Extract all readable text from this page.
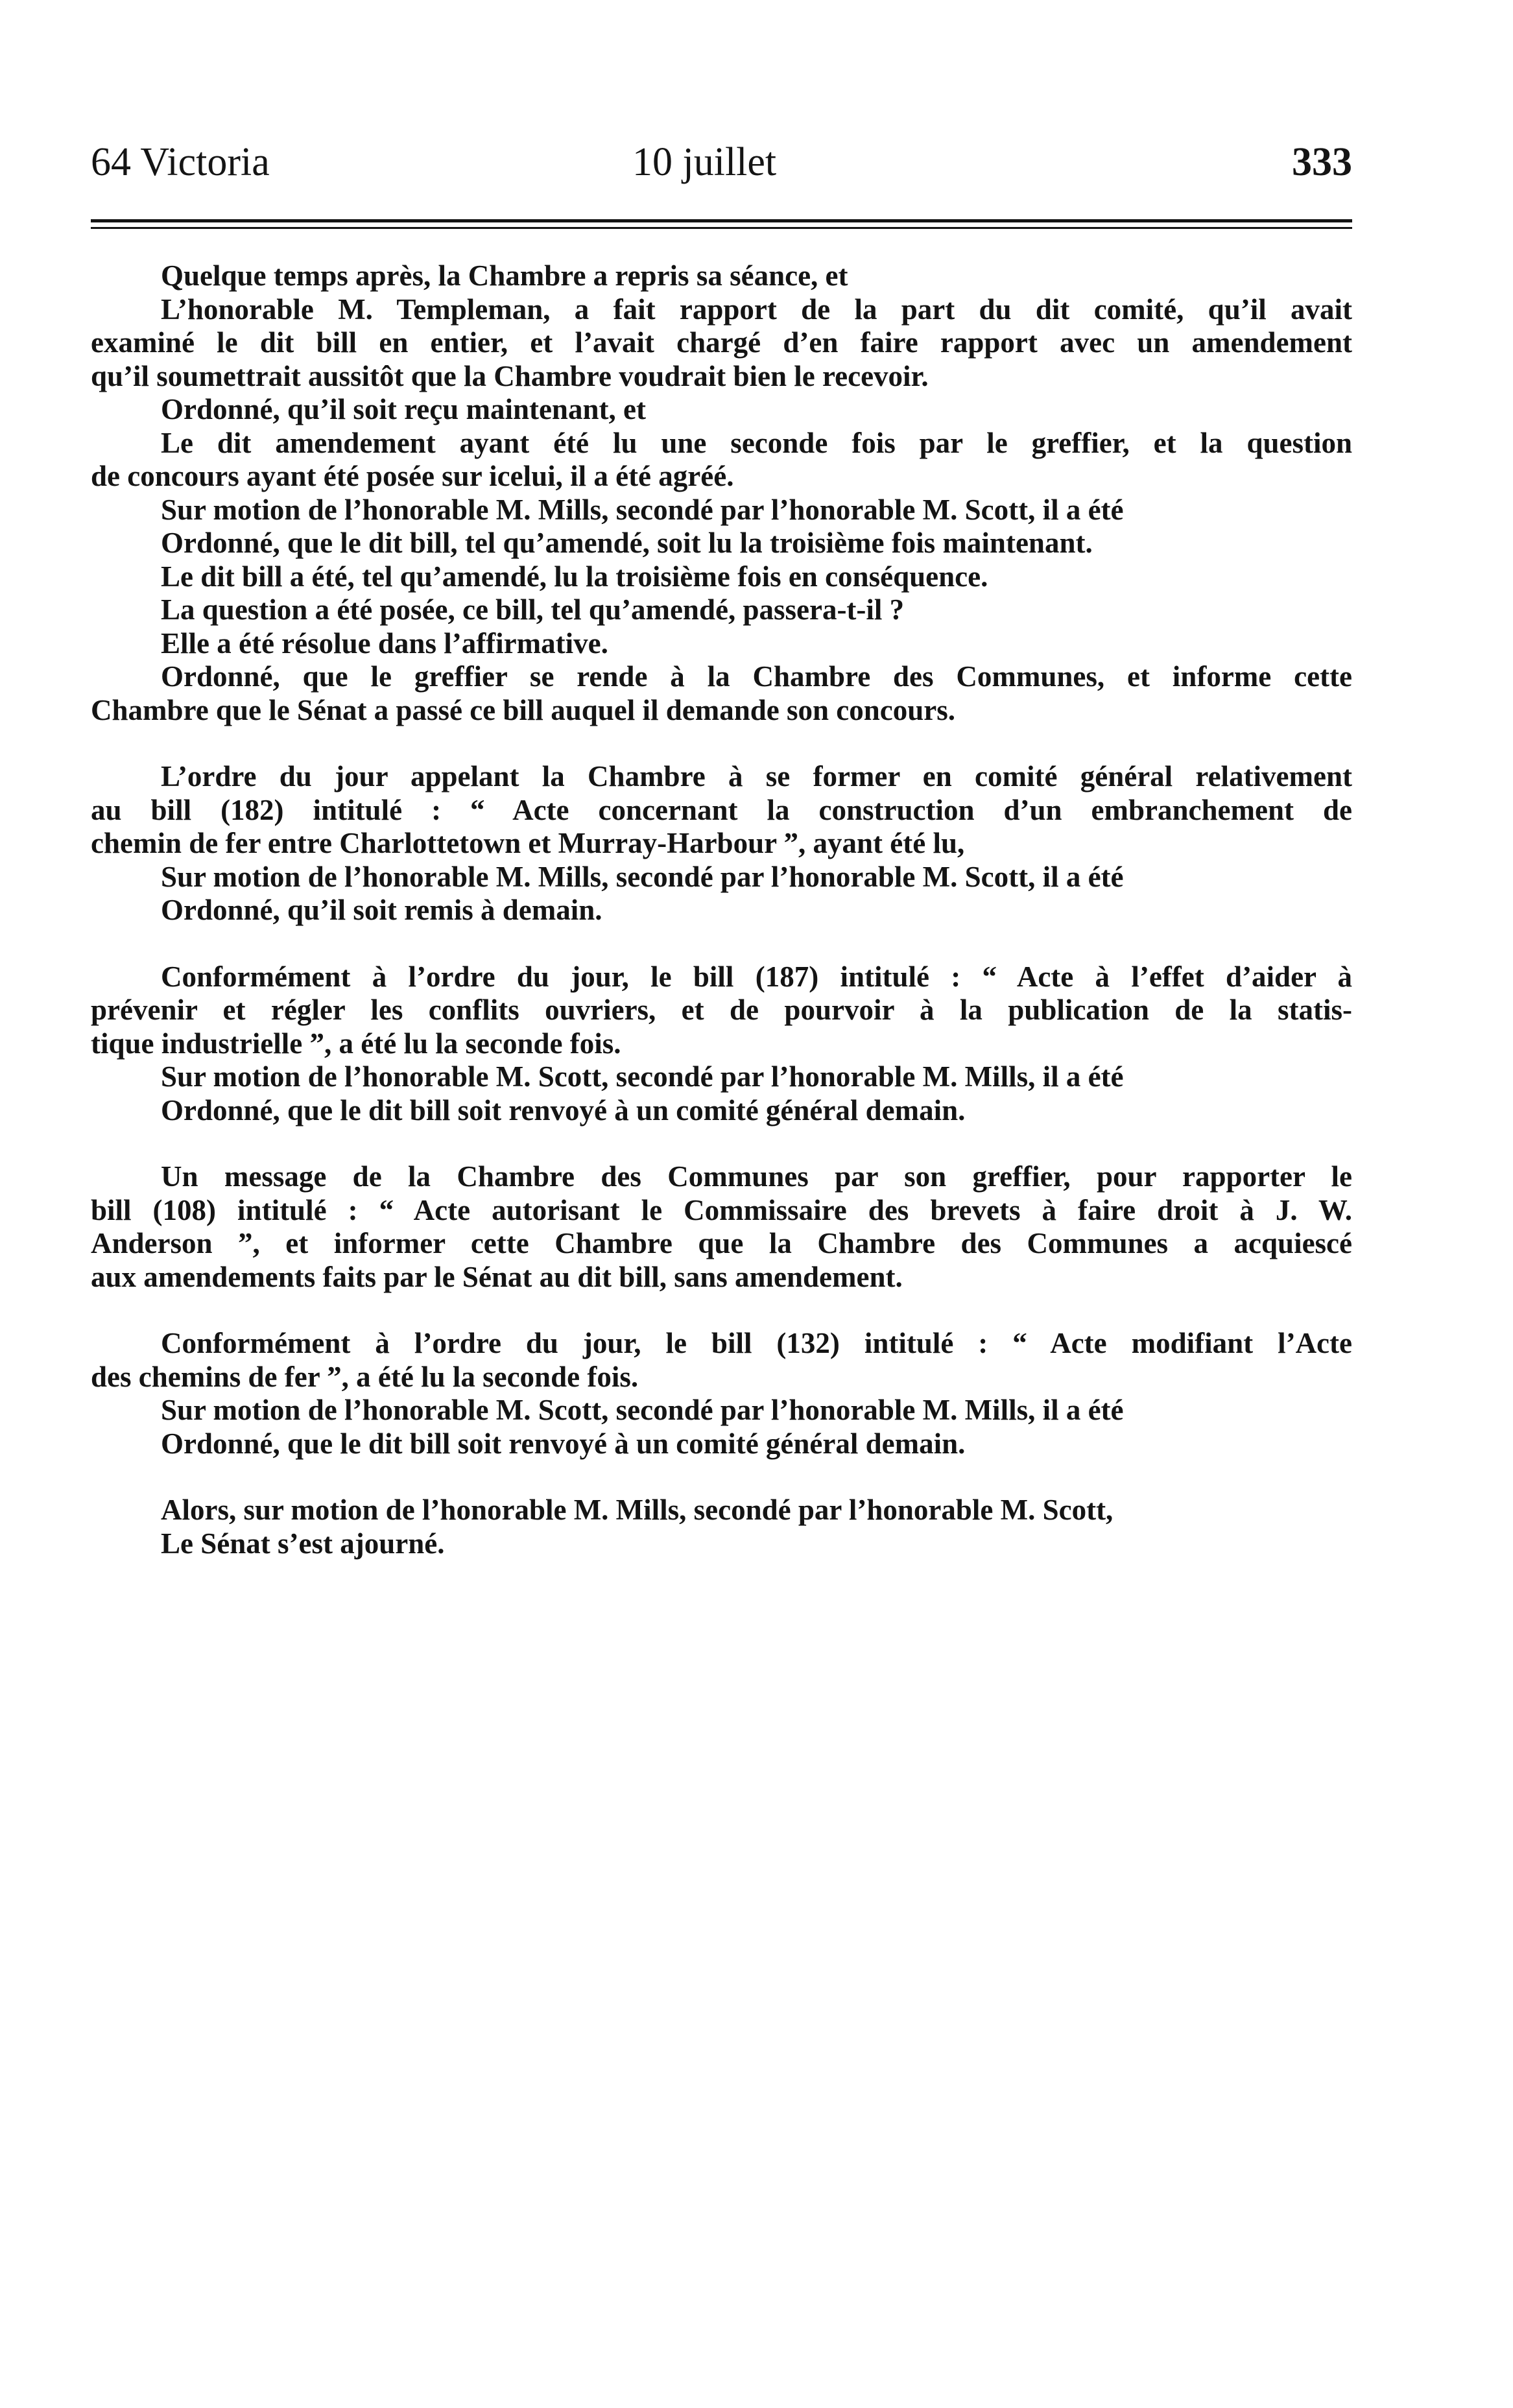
64 Victoria	10 juillet	333
Quelque temps après, la Chambre a repris sa séance, et
L’honorable M. Templeman, a fait rapport de la part du dit comité, qu’il avait
examiné le dit bill en entier, et l’avait chargé d’en faire rapport avec un amendement
qu’il soumettrait aussitôt que la Chambre voudrait bien le recevoir.
Ordonné, qu’il soit reçu maintenant, et
Le dit amendement ayant été lu une seconde fois par le greffier, et la question
de concours ayant été posée sur icelui, il a été agréé.
Sur motion de l’honorable M. Mills, secondé par l’honorable M. Scott, il a été
Ordonné, que le dit bill, tel qu’amendé, soit lu la troisième fois maintenant.
Le dit bill a été, tel qu’amendé, lu la troisième fois en conséquence.
La question a été posée, ce bill, tel qu’amendé, passera-t-il ?
Elle a été résolue dans l’affirmative.
Ordonné, que le greffier se rende à la Chambre des Communes, et informe cette
Chambre que le Sénat a passé ce bill auquel il demande son concours.
L’ordre du jour appelant la Chambre à se former en comité général relativement
au bill (182) intitulé : “ Acte concernant la construction d’un embranchement de
chemin de fer entre Charlottetown et Murray-Harbour ”, ayant été lu,
Sur motion de l’honorable M. Mills, secondé par l’honorable M. Scott, il a été
Ordonné, qu’il soit remis à demain.
Conformément à l’ordre du jour, le bill (187) intitulé : “ Acte à l’effet d’aider à
prévenir et régler les conflits ouvriers, et de pourvoir à la publication de la statis-
tique industrielle ”, a été lu la seconde fois.
Sur motion de l’honorable M. Scott, secondé par l’honorable M. Mills, il a été
Ordonné, que le dit bill soit renvoyé à un comité général demain.
Un message de la Chambre des Communes par son greffier, pour rapporter le
bill (108) intitulé : “ Acte autorisant le Commissaire des brevets à faire droit à J. W.
Anderson ”, et informer cette Chambre que la Chambre des Communes a acquiescé
aux amendements faits par le Sénat au dit bill, sans amendement.
Conformément à l’ordre du jour, le bill (132) intitulé : “ Acte modifiant l’Acte
des chemins de fer ”, a été lu la seconde fois.
Sur motion de l’honorable M. Scott, secondé par l’honorable M. Mills, il a été
Ordonné, que le dit bill soit renvoyé à un comité général demain.
Alors, sur motion de l’honorable M. Mills, secondé par l’honorable M. Scott,
Le Sénat s’est ajourné.
